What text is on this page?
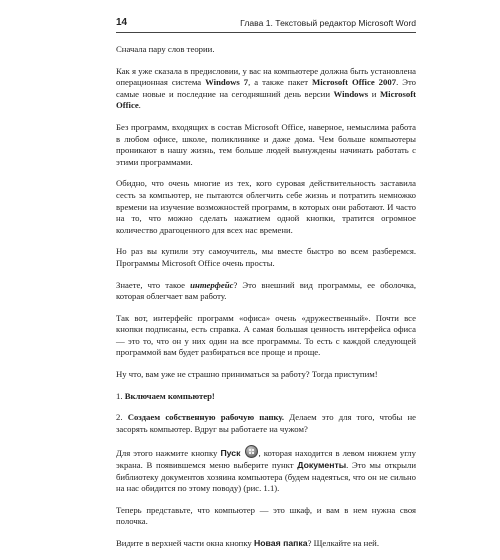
14	Глава 1. Текстовый редактор Microsoft Word

Сначала пару слов теории.

Как я уже сказала в предисловии, у вас на компьютере должна быть установлена операционная система Windows 7, а также пакет Microsoft Office 2007. Это самые новые и последние на сегодняшний день версии Windows и Microsoft Office.

Без программ, входящих в состав Microsoft Office, наверное, немыслима работа в любом офисе, школе, поликлинике и даже дома. Чем больше компьютеры проникают в нашу жизнь, тем больше людей вынуждены начинать работать с этими программами.

Обидно, что очень многие из тех, кого суровая действительность заставила сесть за компьютер, не пытаются облегчить себе жизнь и потратить немножко времени на изучение возможностей программ, в которых они работают. И часто на то, что можно сделать нажатием одной кнопки, тратится огромное количество драгоценного для всех нас времени.

Но раз вы купили эту самоучитель, мы вместе быстро во всем разберемся. Программы Microsoft Office очень просты.

Знаете, что такое интерфейс? Это внешний вид программы, ее оболочка, которая облегчает вам работу.

Так вот, интерфейс программ «офиса» очень «дружественный». Почти все кнопки подписаны, есть справка. А самая большая ценность интерфейса офиса — это то, что он у них один на все программы. То есть с каждой следующей программой вам будет разбираться все проще и проще.

Ну что, вам уже не страшно приниматься за работу? Тогда приступим!

1. Включаем компьютер!

2. Создаем собственную рабочую папку. Делаем это для того, чтобы не засорять компьютер. Вдруг вы работаете на чужом?

Для этого нажмите кнопку Пуск , которая находится в левом нижнем углу экрана. В появившемся меню выберите пункт Документы. Это мы открыли библиотеку документов хозяина компьютера (будем надеяться, что он не сильно на нас обидится по этому поводу) (рис. 1.1).

Теперь представьте, что компьютер — это шкаф, и вам в нем нужна своя полочка.

Видите в верхней части окна кнопку Новая папка? Щелкайте на ней.
